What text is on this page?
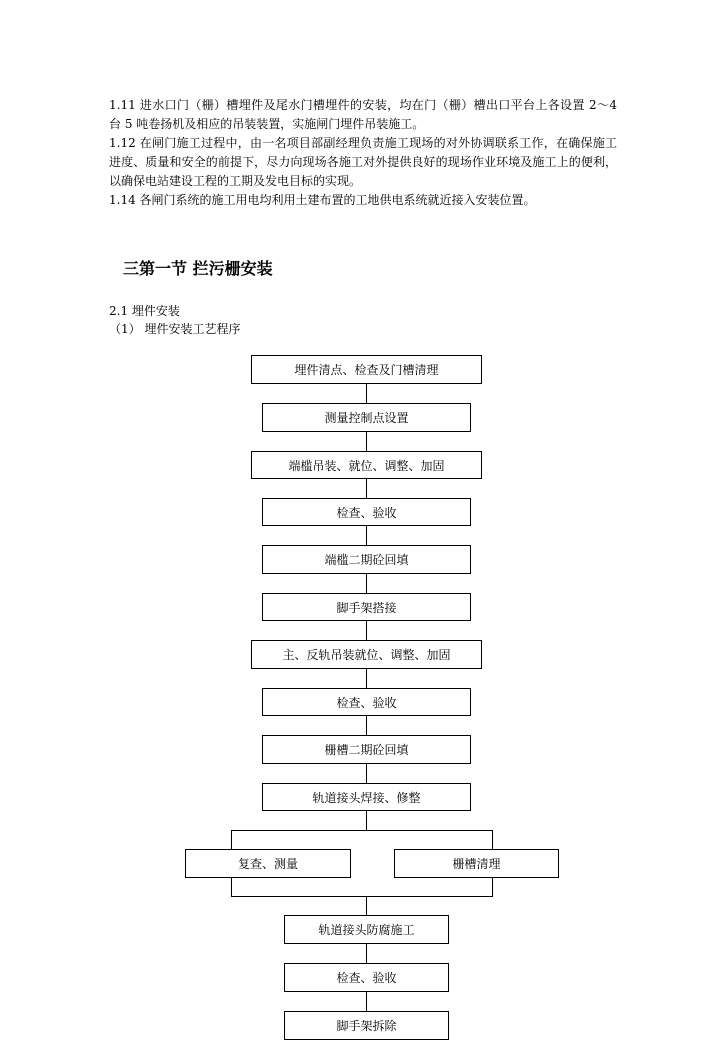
1.11 进水口门（栅）槽埋件及尾水门槽埋件的安装，均在门（栅）槽出口平台上各设置 2～4 台 5 吨卷扬机及相应的吊装装置，实施闸门埋件吊装施工。

1.12 在闸门施工过程中，由一名项目部副经理负责施工现场的对外协调联系工作，在确保施工进度、质量和安全的前提下，尽力向现场各施工对外提供良好的现场作业环境及施工上的便利，以确保电站建设工程的工期及发电目标的实现。

1.14 各闸门系统的施工用电均利用土建布置的工地供电系统就近接入安装位置。

三第一节 拦污栅安装

2.1 埋件安装

（1） 埋件安装工艺程序

埋件清点、检查及门槽清理
测量控制点设置
端槛吊装、就位、调整、加固
检查、验收
端槛二期砼回填
脚手架搭接
主、反轨吊装就位、调整、加固
检查、验收
栅槽二期砼回填
轨道接头焊接、修整
复查、测量	栅槽清理
轨道接头防腐施工
检查、验收
脚手架拆除
